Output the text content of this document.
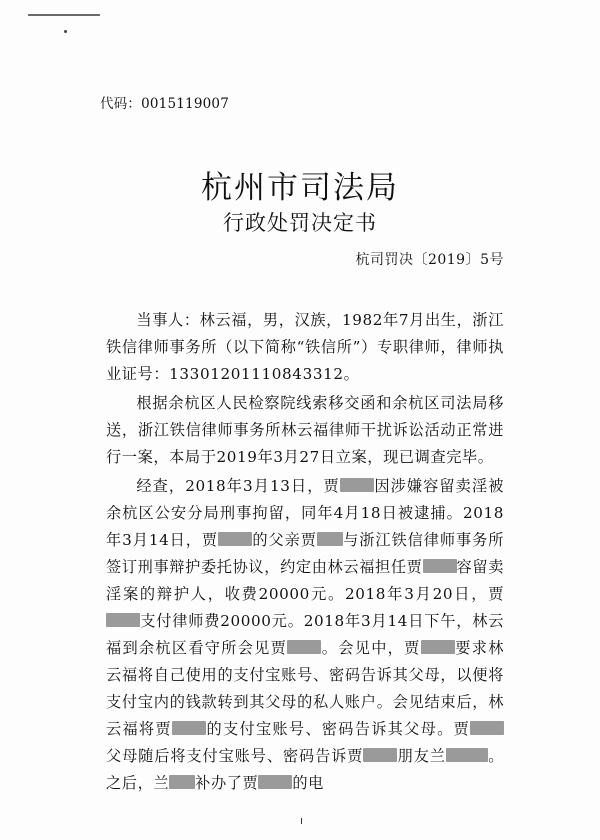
代码：0015119007
杭州市司法局
行政处罚决定书
杭司罚决〔2019〕5号

当事人：林云福，男，汉族，1982年7月出生，浙江铁信律师事务所（以下简称“铁信所”）专职律师，律师执业证号：13301201110843312。

根据余杭区人民检察院线索移交函和余杭区司法局移送，浙江铁信律师事务所林云福律师干扰诉讼活动正常进行一案，本局于2019年3月27日立案，现已调查完毕。

经查，2018年3月13日，贾 因涉嫌容留卖淫被余杭区公安分局刑事拘留，同年4月18日被逮捕。2018年3月14日，贾 的父亲贾 与浙江铁信律师事务所签订刑事辩护委托协议，约定由林云福担任贾 容留卖淫案的辩护人，收费20000元。2018年3月20日，贾支付律师费20000元。2018年3月14日下午，林云福到余杭区看守所会见贾 。会见中，贾 要求林云福将自己使用的支付宝账号、密码告诉其父母，以便将支付宝内的钱款转到其父母的私人账户。会见结束后，林云福将贾 的支付宝账号、密码告诉其父母。贾父母随后将支付宝账号、密码告诉贾 朋友兰	。之后，兰 补办了贾 的电
